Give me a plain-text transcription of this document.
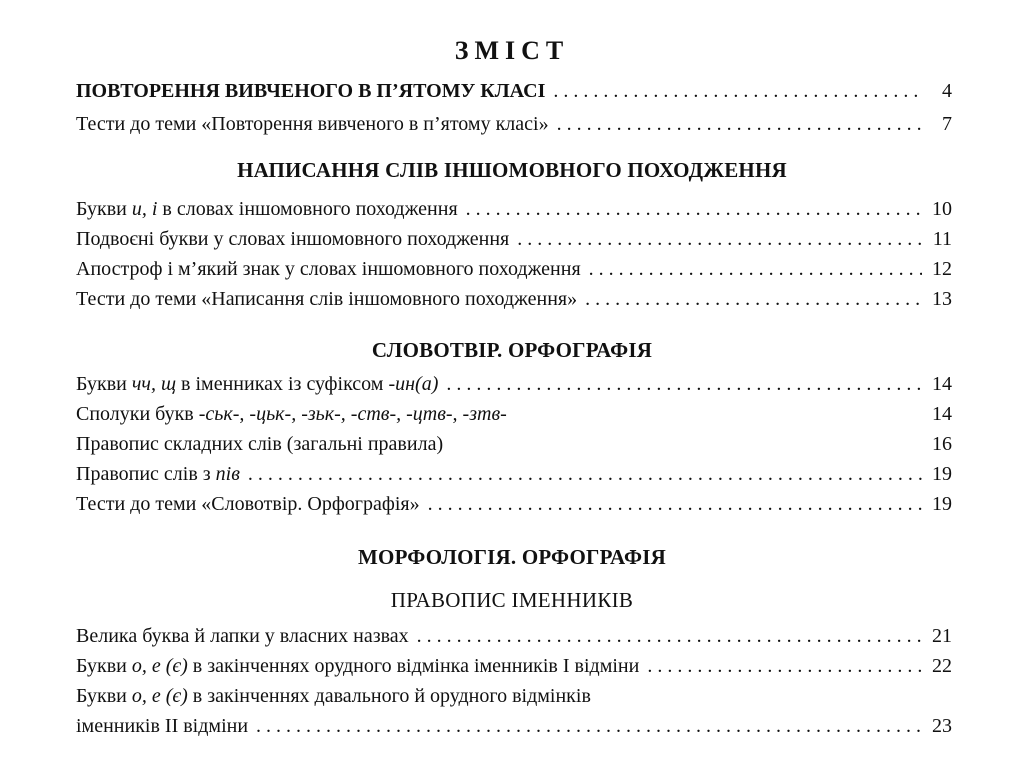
ЗМІСТ
ПОВТОРЕННЯ ВИВЧЕНОГО В П’ЯТОМУ КЛАСІ . . .	4
Тести до теми «Повторення вивченого в п’ятому класі» . . .	7
НАПИСАННЯ СЛІВ ІНШОМОВНОГО ПОХОДЖЕННЯ
Букви и, і в словах іншомовного походження . . .	10
Подвоєні букви у словах іншомовного походження . . .	11
Апостроф і м’який знак у словах іншомовного походження . . .	12
Тести до теми «Написання слів іншомовного походження» . . .	13
СЛОВОТВІР. ОРФОГРАФІЯ
Букви чч, щ в іменниках із суфіксом -ин(а) . . .	14
Сполуки букв -ськ-, -цьк-, -зьк-, -ств-, -цтв-, -зтв-	14
Правопис складних слів (загальні правила)	16
Правопис слів з пів . . .	19
Тести до теми «Словотвір. Орфографія» . . .	19
МОРФОЛОГІЯ. ОРФОГРАФІЯ
ПРАВОПИС ІМЕННИКІВ
Велика буква й лапки у власних назвах . . .	21
Букви о, е (є) в закінченнях орудного відмінка іменників І відміни . . .	22
Букви о, е (є) в закінченнях давального й орудного відмінків
іменників ІІ відміни . . .	23
